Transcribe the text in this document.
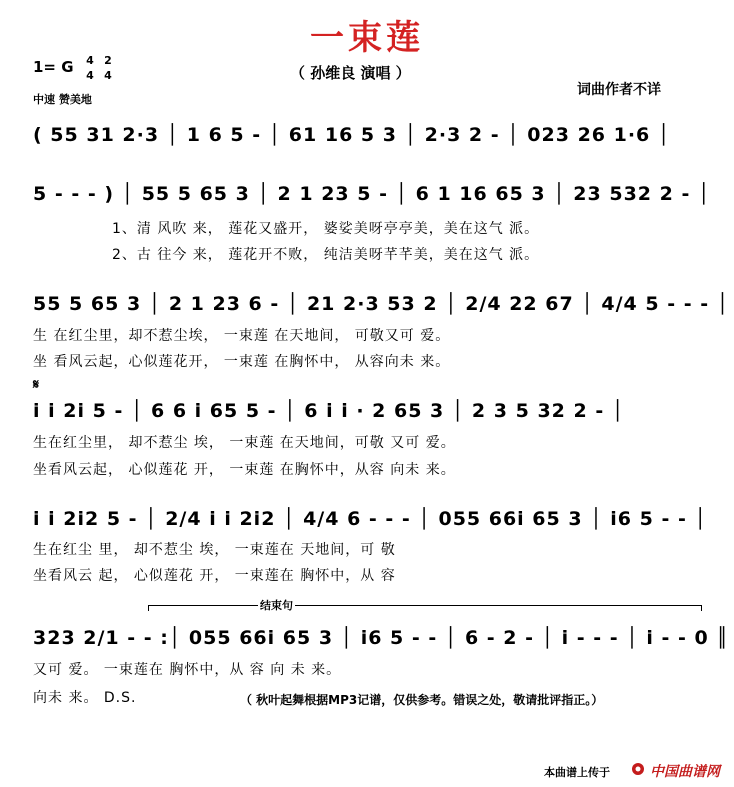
一束莲
1= G 4
4
2
4	（ 孙维良 演唱 ）
中速 赞美地
词曲作者不详
( 55 31 2·3 │ 1 6 5 - │ 61 16 5 3 │ 2·3 2 - │ 023 26 1·6 │
5 - - - ) │ 55 5 65 3 │ 2 1 23 5 - │ 6 1 16 65 3 │ 23 532 2 - │
1、清 风吹 来， 莲花又盛开， 婆娑美呀亭亭美，美在这气 派。
2、古 往今 来， 莲花开不败， 纯洁美呀芊芊美，美在这气 派。
55 5 65 3 │ 2 1 23 6 - │ 21 2·3 53 2 │ 2/4 22 67 │ 4/4 5 - - - │
生 在红尘里，却不惹尘埃， 一束莲 在天地间， 可敬又可 爱。
坐 看风云起，心似莲花开， 一束莲 在胸怀中， 从容向未 来。
𝄋
i i 2i 5 - │ 6 6 i 65 5 - │ 6 i i · 2 65 3 │ 2 3 5 32 2 - │
生在红尘里， 却不惹尘 埃， 一束莲 在天地间，可敬 又可 爱。
坐看风云起， 心似莲花 开， 一束莲 在胸怀中，从容 向未 来。
i i 2i2 5 - │ 2/4 i i 2i2 │ 4/4 6 - - - │ 055 66i 65 3 │ i6 5 - - │
生在红尘 里， 却不惹尘 埃， 一束莲在 天地间，可 敬
坐看风云 起， 心似莲花 开， 一束莲在 胸怀中，从 容
结束句
323 2/1 - - :│ 055 66i 65 3 │ i6 5 - - │ 6 - 2 - │ i - - - │ i - - 0 ║
又可 爱。 一束莲在 胸怀中，从 容 向 未 来。
向未 来。 D.S.	（ 秋叶起舞根据MP3记谱，仅供参考。错误之处，敬请批评指正。）
本曲谱上传于	中国曲谱网
